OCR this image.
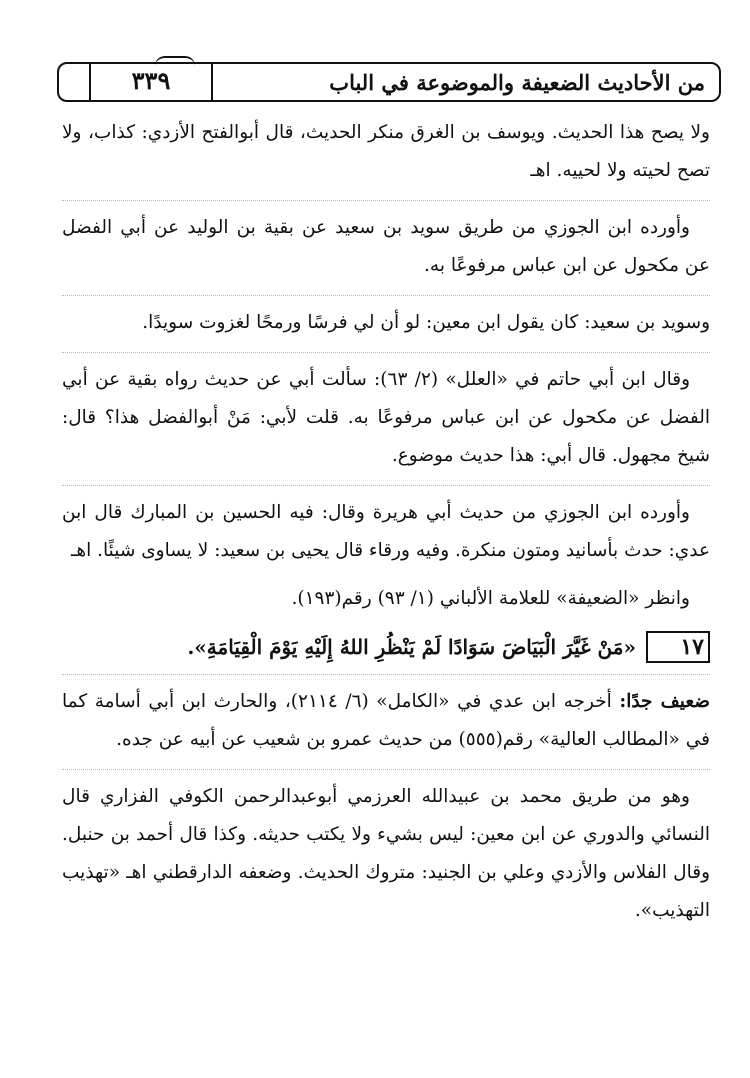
من الأحاديث الضعيفة والموضوعة في الباب
٣٣٩

ولا يصح هذا الحديث. ويوسف بن الغرق منكر الحديث، قال أبوالفتح الأزدي: كذاب، ولا تصح لحيته ولا لحييه. اهـ

وأورده ابن الجوزي من طريق سويد بن سعيد عن بقية بن الوليد عن أبي الفضل عن مكحول عن ابن عباس مرفوعًا به.

وسويد بن سعيد: كان يقول ابن معين: لو أن لي فرسًا ورمحًا لغزوت سويدًا.

وقال ابن أبي حاتم في «العلل» (٢/ ٦٣): سألت أبي عن حديث رواه بقية عن أبي الفضل عن مكحول عن ابن عباس مرفوعًا به. قلت لأبي: مَنْ أبوالفضل هذا؟ قال: شيخ مجهول. قال أبي: هذا حديث موضوع.

وأورده ابن الجوزي من حديث أبي هريرة وقال: فيه الحسين بن المبارك قال ابن عدي: حدث بأسانيد ومتون منكرة. وفيه ورقاء قال يحيى بن سعيد: لا يساوى شيئًا. اهـ

وانظر «الضعيفة» للعلامة الألباني (١/ ٩٣) رقم(١٩٣).

١٧
«مَنْ غَيَّرَ الْبَيَاضَ سَوَادًا لَمْ يَنْظُرِ اللهُ إِلَيْهِ يَوْمَ الْقِيَامَةِ».

ضعيف جدًا: أخرجه ابن عدي في «الكامل» (٦/ ٢١١٤)، والحارث ابن أبي أسامة كما في «المطالب العالية» رقم(٥٥٥) من حديث عمرو بن شعيب عن أبيه عن جده.

وهو من طريق محمد بن عبيدالله العرزمي أبوعبدالرحمن الكوفي الفزاري قال النسائي والدوري عن ابن معين: ليس بشيء ولا يكتب حديثه. وكذا قال أحمد بن حنبل. وقال الفلاس والأزدي وعلي بن الجنيد: متروك الحديث. وضعفه الدارقطني اهـ «تهذيب التهذيب».
